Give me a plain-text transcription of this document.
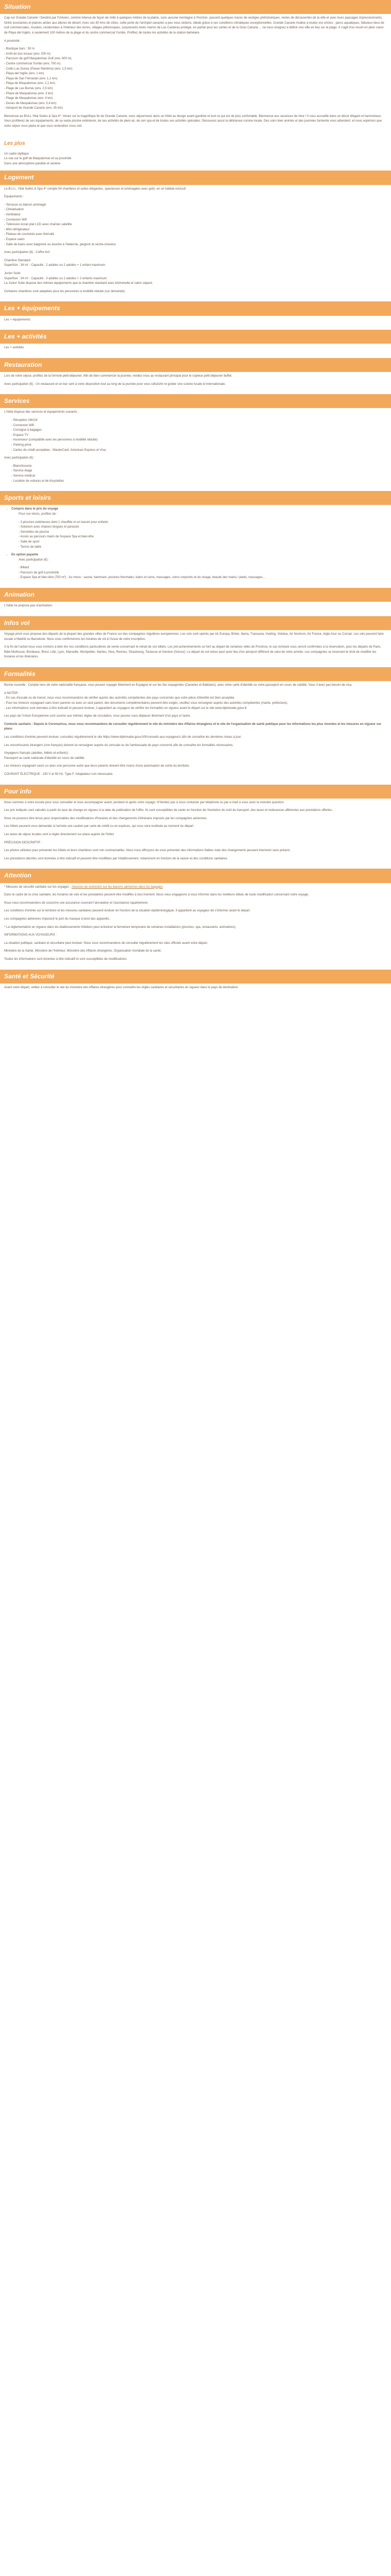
Situation

Cap sur Grande Canarie ! Destiné par l'Univers, comme intense de façon de mille à quelques mètres de la plaine, sans aucune montagne à l'horizon, passent quelques traces de vestiges préhistoriques, restes de découvertes de la ville et avec leurs paysages impressionnants, forêts luxuriantes et plaines arides aux allures de désert. Avec ses 60 kms de côtes, cette perle de l'archipel canarien a peu vous séduire, idéale grâce à ses conditions climatiques exceptionnelles. Grande Canarie rivalise à toutes vos envies : parcs aquatiques, fabuleux lieux de nuit commerciales, musées, randonnées à l'intérieur des terres, villages pittoresques, surprenants levés marins de Las Canteras protégé, en parfait pour les sorties et de la Gran Canaria ... ne vous résignez à définir une ville en lieu sur la plage. Il s'agit d'un resort en plein coeur de Playa del Inglés, à seulement 100 mètres de la plage et du centre commercial Yumbo. Profitez de toutes les activités de la station balnéaire.

A proximité :

- Boutique bars : 50 m
- Arrêt de bus locaux (env. 200 m)
- Parcours de golf Maspalomas Golf (env. 600 m)
- Centre commercial Yumbo (env. 700 m)
- Collis Las Dunas (Paseo Maritimo) (env. 1,5 km)
- Playa del Inglés (env. 1 km)
- Playa de San Fernando (env. 1,1 km)
- Playa de Maspalomas (env. 2,1 km)
- Plage de Las Burras (env. 2,5 km)
- Phare de Maspalomas (env. 3 km)
- Plage de Maspalomas (env. 4 km)
- Dunes de Maspalomas (env. 5,4 km)
- Aéroport de Grande Canarie (env. 35 km)

Bienvenue au BULL Vital Suites & Spa 4*. Venez sur la magnifique île de Grande Canarie, vous séjournerez dans un hôtel au design avant-gardiste et tout ce qui est de plus confortable. Bienvenue aux vacances de rêve ! Il vous accueille dans un décor élégant et harmonieux. Vous profiterez de ses équipements, de sa vaste piscine extérieure, de ses activités de plein air, de son spa et de toutes ses activités spéciales. Découvrez aussi la délicieuse cuisine locale. Des soirs bien animés et des journées farniente vous attendent, et nous espérons que votre séjour vous plaira et que vous reviendrez nous voir.

Les plus

Un cadre idyllique

Le vue sur le golf de Maspalomas et sa proximité

Dans une atmosphère paisible et sereine

Logement

Le B.U.L. Vital Suites & Spa 4* compte 54 chambres et suites élégantes, spacieuses et aménagées avec goût, en un habitat exclusif.

Equipements :

- Terrasse ou balcon aménagé
- Climatisation
- Ventilateur
- Connexion Wifi
- Télévision écran plat LCD avec chaînes satellite
- Mini-réfrigérateur
- Plateau de courtoisie avec thé/café
- Espace salon
- Salle de bains avec baignoire ou douche à l'italienne, peignoir et sèche-cheveux

Avec participation (€) : Coffre-fort

Chambre Standard

Superficie : 34 m² - Capacité : 2 adultes ou 2 adultes + 1 enfant maximum

Junior Suite

Superficie : 34 m² - Capacité : 3 adultes ou 2 adultes + 2 enfants maximum

La Junior Suite dispose des mêmes équipements que la chambre standard avec kitchenette et salon séparé.

Certaines chambres sont adaptées pour les personnes à mobilité réduite (sur demande).

Les + équipements

Les + équipements

Les + activités

Les + activités

Restauration

Lors de votre séjour, profitez de la formule petit-déjeuner. Afin de bien commencer la journée, rendez-vous au restaurant principal pour le copieux petit-déjeuner buffet.

Avec participation (€) : Un restaurant et un bar sont à votre disposition tout au long de la journée pour vous rafraîchir et goûter une cuisine locale et internationale.

Services

L'hôtel dispose des services et équipements suivants :

- Réception 24h/24
- Connexion Wifi
- Consigne à bagages
- Espace TV
- Ascenseur (compatible avec les personnes à mobilité réduite)
- Parking privé
- Cartes de crédit acceptées : MasterCard, American Express et Visa

Avec participation (€) :

- Blanchisserie
- Service étage
- Service médical
- Location de voitures et de bicyclettes
Sports et loisirs
• Compris dans le prix du voyage

Pour vos loisirs, profitez de :

- 3 piscines extérieures dont 1 chauffée et un bassin pour enfants
- Solarium avec chaises longues et parasols
- Serviettes de piscine
- Accès au parcours marin de l'espace Spa et bien-être
- Salle de sport
- Tennis de table
• En option payante

Avec participation (€) :

- Billard
- Parcours de golf à proximité
- Espace Spa et bien-être (750 m²) : Au menu : sauna, hammam, piscines thermales, bains et soins, massages, soins corporels et du visage, beauté des mains / pieds, massages...
Animation

L'hôtel ne propose pas d'animation.

Infos vol

Voyage privé vous propose des départs de la plupart des grandes villes de France sur des compagnies régulières européennes. Les vols sont opérés par Air Europa, Binter, Iberia, Transavia, Vueling, Volotea, Air Nostrum, Air France, Aigle Azur ou Corsair. Les vols peuvent faire escale à Madrid ou Barcelone. Nous vous confirmerons les horaires de vol à l'issue de votre inscription.

A la fin de l'achat nous vous invitons à bien lire nos conditions particulières de vente concernant le retrait de vos billets. Les pré-acheminements se font au départ de certaines villes de Province, le cas échéant vous seront confirmées à la réservation, pour les départs de Paris, Bâle-Mulhouse, Bordeaux, Brest, Lille, Lyon, Marseille, Montpellier, Nantes, Nice, Rennes, Strasbourg, Toulouse et Genève (Suisse). Le départ du vol retour peut avoir lieu d'un aéroport différent de celui de votre arrivée. Les compagnies se réservent le droit de modifier les horaires et les itinéraires.

Formalités

Bonne nouvelle : Compte tenu de votre nationalité française, vous pouvez voyager librement en Espagne et sur les îles espagnoles (Canaries et Baléares), avec votre carte d'identité ou votre passeport en cours de validité. Vous n'avez pas besoin de visa.

A NOTER :

- En cas d'escale ou de transit, nous vous recommandons de vérifier auprès des autorités compétentes des pays concernés que votre pièce d'identité est bien acceptée.

- Pour les mineurs voyageant sans leurs parents ou avec un seul parent, des documents complémentaires peuvent être exigés, veuillez vous renseigner auprès des autorités compétentes (mairie, préfecture).

- Les informations sont données à titre indicatif et peuvent évoluer, il appartient au voyageur de vérifier les formalités en vigueur avant le départ sur le site www.diplomatie.gouv.fr.

Les pays de l'Union Européenne sont soumis aux mêmes règles de circulation, vous pouvez vous déplacer librement d'un pays à l'autre.

Contexte sanitaire : Depuis le Coronavirus, nous vous recommandons de consulter régulièrement le site du ministère des Affaires étrangères et le site de l'organisation de santé publique pour les informations les plus récentes et les mesures en vigueur sur place.

Les conditions d'entrée peuvent évoluer, consultez régulièrement le site https://www.diplomatie.gouv.fr/fr/conseils-aux-voyageurs/ afin de connaître les dernières mises à jour.

Les ressortissants étrangers (non français) doivent se renseigner auprès du consulat ou de l'ambassade du pays concerné afin de connaître les formalités nécessaires.

Voyageurs français (adultes, bébés et enfants) :

Passeport ou carte nationale d'identité en cours de validité.

Les mineurs voyageant seuls ou avec une personne autre que leurs parents doivent être munis d'une autorisation de sortie du territoire.

COURANT ÉLECTRIQUE : 230 V et 50 Hz. Type F. Adaptateur non nécessaire.

Pour info

Nous sommes à votre écoute pour vous conseiller et vous accompagner avant, pendant et après votre voyage. N'hésitez pas à nous contacter par téléphone ou par e-mail si vous avez la moindre question.

Les prix indiqués sont calculés à partir du taux de change en vigueur à la date de publication de l'offre. Ils sont susceptibles de varier en fonction de l'évolution du coût du transport, des taxes et redevances afférentes aux prestations offertes.

Nous ne pouvons être tenus pour responsables des modifications d'horaires et des changements d'itinéraire imposés par les compagnies aériennes.

Les hôtels peuvent vous demander à l'arrivée une caution par carte de crédit ou en espèces, qui vous sera restituée au moment du départ.

Les taxes de séjour locales sont à régler directement sur place auprès de l'hôtel.

PRÉCISION DESCRIPTIF :

Les photos utilisées pour présenter les hôtels et leurs chambres sont non contractuelles. Nous nous efforçons de vous présenter des informations fiables mais des changements peuvent intervenir sans préavis.

Les prestations décrites sont données à titre indicatif et peuvent être modifiées par l'établissement, notamment en fonction de la saison et des conditions sanitaires.

Attention

* Mesures de sécurité sanitaire sur les voyages : mesures de restriction sur les liaisons aériennes dans les bagages

Dans le cadre de la crise sanitaire, les horaires de vols et les prestations peuvent être modifiés à tout moment. Nous nous engageons à vous informer dans les meilleurs délais de toute modification concernant votre voyage.

Nous vous recommandons de souscrire une assurance couvrant l'annulation et l'assistance rapatriement.

Les conditions d'entrée sur le territoire et les mesures sanitaires peuvent évoluer en fonction de la situation épidémiologique. Il appartient au voyageur de s'informer avant le départ.

Les compagnies aériennes imposent le port du masque à bord des appareils.

* La réglementation en vigueur dans les établissements hôteliers peut entraîner la fermeture temporaire de certaines installations (piscines, spa, restaurants, animations).

INFORMATIONS AUX VOYAGEURS :

La situation politique, sanitaire et sécuritaire peut évoluer. Nous vous recommandons de consulter régulièrement les sites officiels avant votre départ.

Ministère de la Santé, Ministère de l'Intérieur, Ministère des Affaires étrangères, Organisation mondiale de la santé.

Toutes les informations sont données à titre indicatif et sont susceptibles de modifications.

Santé et Sécurité

Avant votre départ, veillez à consulter le site du ministère des Affaires étrangères pour connaître les règles sanitaires et sécuritaires en vigueur dans le pays de destination.
